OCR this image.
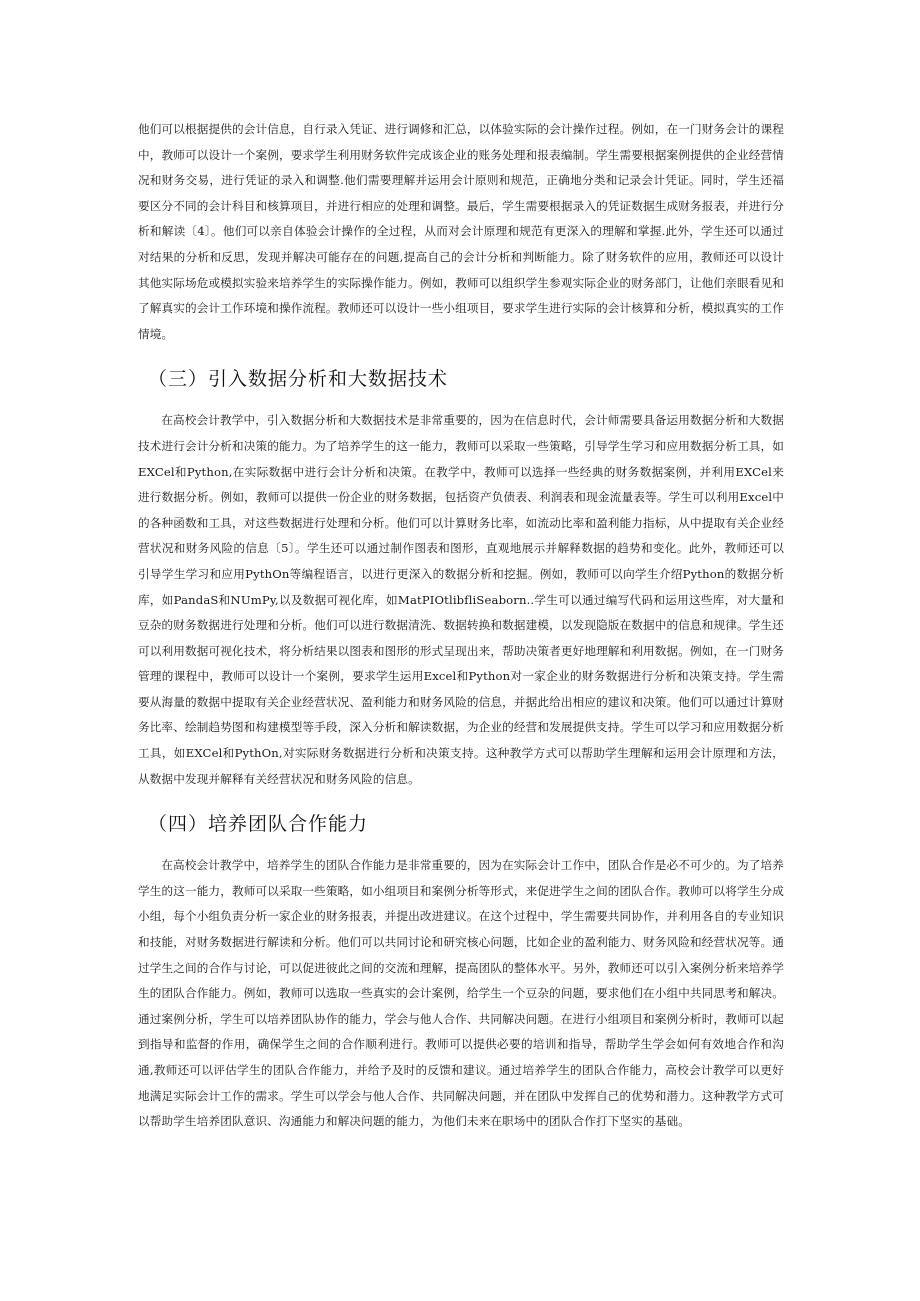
他们可以根据提供的会计信息，自行录入凭证、进行调修和汇总，以体验实际的会计操作过程。例如，在一门财务会计的课程中，教师可以设计一个案例，要求学生利用财务软件完成该企业的账务处理和报表编制。学生需要根据案例提供的企业经营情况和财务交易，进行凭证的录入和调整.他们需要理解并运用会计原则和规范，正确地分类和记录会计凭证。同时，学生还福要区分不同的会计科目和核算项目，并进行相应的处理和调整。最后，学生需要根据录入的凭证数据生成财务报表，并进行分析和解读〔4〕。他们可以亲自体验会计操作的全过程，从而对会计原理和规范有更深入的理解和掌握.此外，学生还可以通过对结果的分析和反思，发现并解决可能存在的问题,提高自己的会计分析和判断能力。除了财务软件的应用，教师还可以设计其他实际场危或模拟实验来培养学生的实际操作能力。例如，教师可以组织学生参观实际企业的财务部门，让他们亲眼看见和了解真实的会计工作环境和操作流程。教师还可以设计一些小组项目，要求学生进行实际的会计核算和分析，模拟真实的工作情境。

（三）引入数据分析和大数据技术

在高校会计教学中，引入数据分析和大数据技术是非常重要的，因为在信息时代，会计师需要具备运用数据分析和大数据技术进行会计分析和决策的能力。为了培养学生的这一能力，教师可以采取一些策略，引导学生学习和应用数据分析工具，如EXCel和Python,在实际数据中进行会计分析和决策。在教学中，教师可以选择一些经典的财务数据案例，并利用EXCel来进行数据分析。例如，教师可以提供一份企业的财务数据，包括资产负债表、利润表和现金流量表等。学生可以利用Excel中的各种函数和工具，对这些数据进行处理和分析。他们可以计算财务比率，如流动比率和盈利能力指标，从中提取有关企业经营状况和财务风险的信息〔5〕。学生还可以通过制作图表和图形，直观地展示并解释数据的趋势和变化。此外，教师还可以引导学生学习和应用PythOn等编程语言，以进行更深入的数据分析和挖掘。例如，教师可以向学生介绍Python的数据分析库，如PandaS和NUmPy,以及数据可视化库，如MatPIOtlibfliSeaborn..学生可以通过编写代码和运用这些库，对大量和豆杂的财务数据进行处理和分析。他们可以进行数据清洗、数据转换和数据建模，以发现隐版在数据中的信息和规律。学生还可以利用数据可视化技术，将分析结果以图表和图形的形式呈现出来，帮助决策者更好地理解和利用数据。例如，在一门财务管理的课程中，教师可以设计一个案例，要求学生运用Excel和Python对一家企业的财务数据进行分析和决策支持。学生需要从海量的数据中提取有关企业经营状况、盈利能力和财务风险的信息，并据此给出相应的建议和决策。他们可以通过计算财务比率、绘制趋势图和构建模型等手段，深入分析和解读数据，为企业的经营和发展提供支持。学生可以学习和应用数据分析工具，如EXCel和PythOn,对实际财务数据进行分析和决策支持。这种教学方式可以帮助学生理解和运用会计原理和方法，从数据中发现并解释有关经营状况和财务风险的信息。

（四）培养团队合作能力

在高校会计教学中，培养学生的团队合作能力是非常重要的，因为在实际会计工作中，团队合作是必不可少的。为了培养学生的这一能力，教师可以采取一些策略，如小组项目和案例分析等形式，来促进学生之间的团队合作。教帅可以将学生分成小组，每个小组负责分析一家企业的财务报表，并提出改进建议。在这个过程中，学生需要共同协作，并利用各自的专业知识和技能，对财务数据进行解读和分析。他们可以共同讨论和研究核心问题，比如企业的盈利能力、财务风险和经营状况等。通过学生之间的合作与讨论，可以促进彼此之间的交流和理解，提高团队的整体水平。另外，教师还可以引入案例分析来培养学生的团队合作能力。例如，教师可以选取一些真实的会计案例，给学生一个豆杂的问题，要求他们在小组中共同思考和解决。通过案例分析，学生可以培养团队协作的能力，学会与他人合作、共同解决问题。在进行小组项目和案例分析时，教师可以起到指导和监督的作用，确保学生之间的合作顺利进行。教师可以提供必要的培训和指导，帮助学生学会如何有效地合作和沟通,教师还可以评估学生的团队合作能力，并给予及时的反馈和建议。通过培养学生的团队合作能力，高校会计教学可以更好地满足实际会计工作的需求。学生可以学会与他人合作、共同解决问题，并在团队中发挥自己的优势和潜力。这种教学方式可以帮助学生培养团队意识、沟通能力和解决问题的能力，为他们未来在职场中的团队合作打下坚实的基础。
